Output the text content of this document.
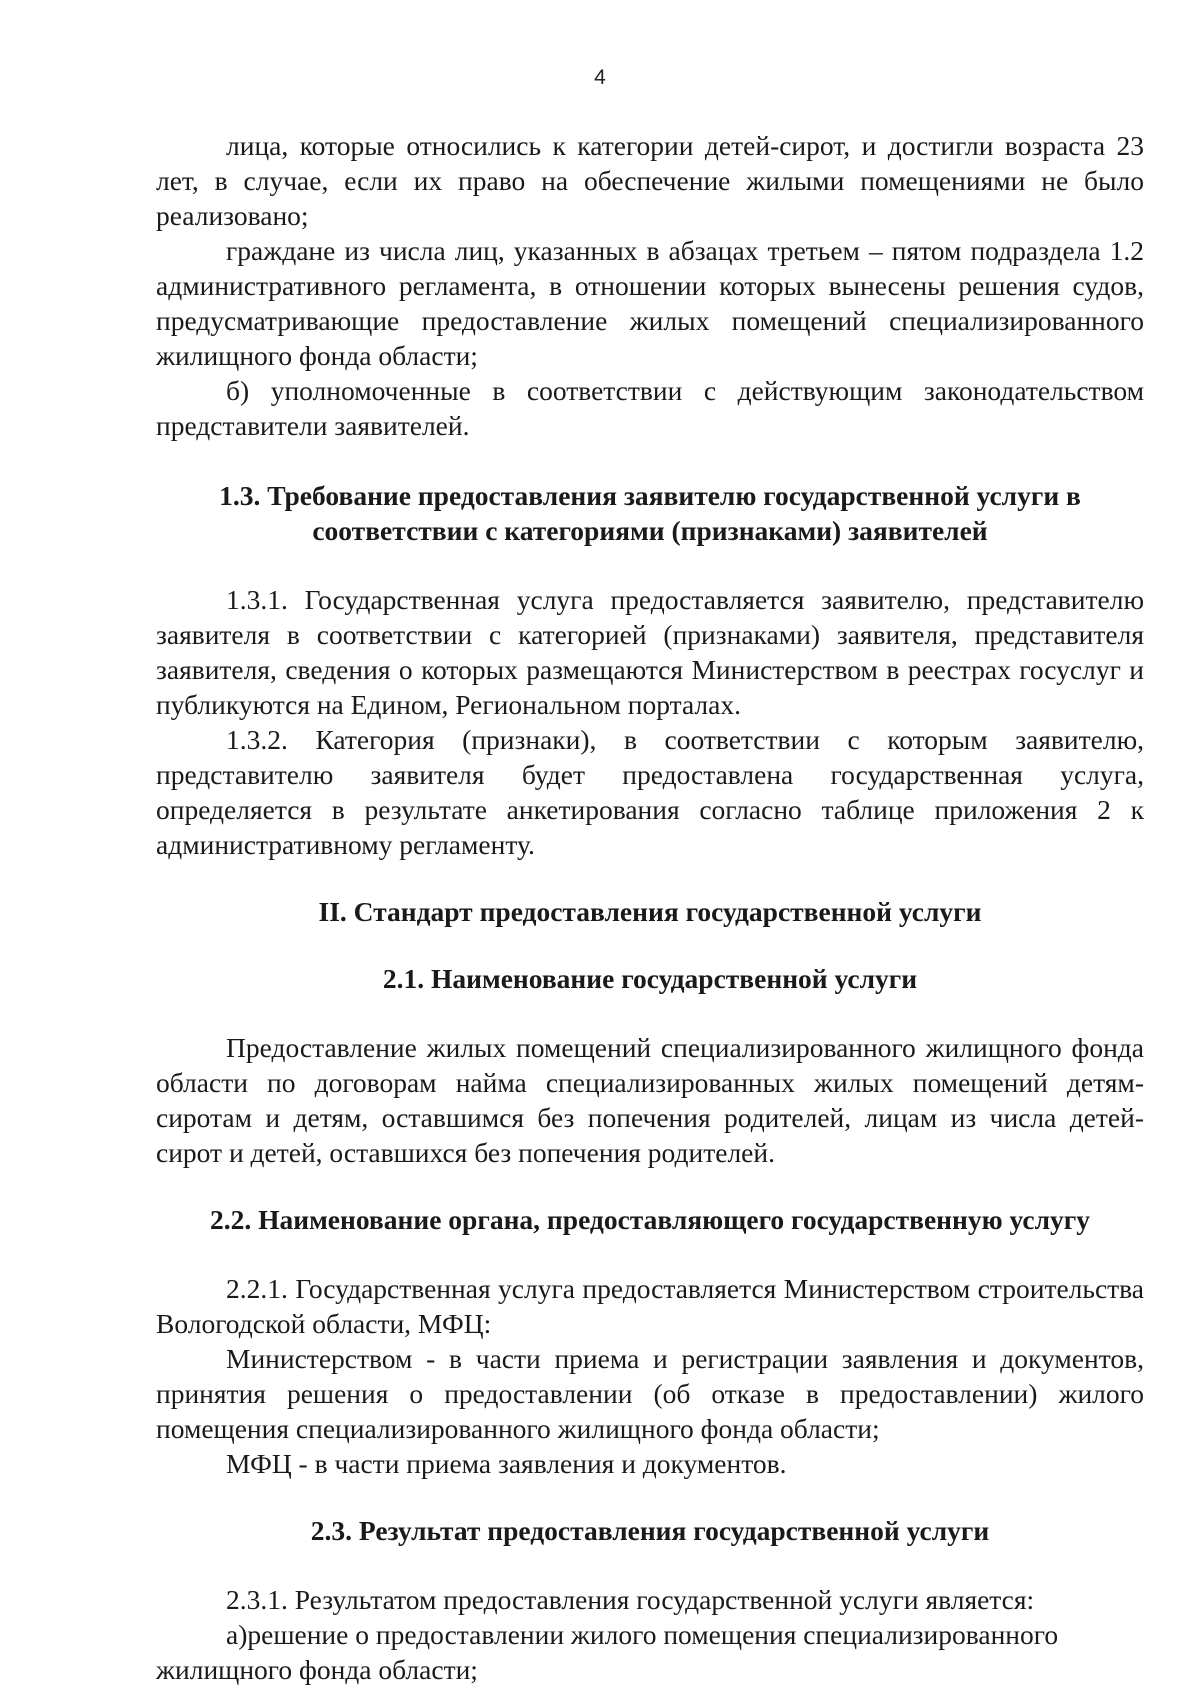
4

лица, которые относились к категории детей-сирот, и достигли возраста 23 лет, в случае, если их право на обеспечение жилыми помещениями не было реализовано;

граждане из числа лиц, указанных в абзацах третьем – пятом подраздела 1.2 административного регламента, в отношении которых вынесены решения судов, предусматривающие предоставление жилых помещений специализированного жилищного фонда области;

б) уполномоченные в соответствии с действующим законодательством представители заявителей.

1.3. Требование предоставления заявителю государственной услуги в соответствии с категориями (признаками) заявителей

1.3.1. Государственная услуга предоставляется заявителю, представителю заявителя в соответствии с категорией (признаками) заявителя, представителя заявителя, сведения о которых размещаются Министерством в реестрах госуслуг и публикуются на Едином, Региональном порталах.

1.3.2. Категория (признаки), в соответствии с которым заявителю, представителю заявителя будет предоставлена государственная услуга, определяется в результате анкетирования согласно таблице приложения 2 к административному регламенту.

II. Стандарт предоставления государственной услуги
2.1. Наименование государственной услуги

Предоставление жилых помещений специализированного жилищного фонда области по договорам найма специализированных жилых помещений детям-сиротам и детям, оставшимся без попечения родителей, лицам из числа детей-сирот и детей, оставшихся без попечения родителей.

2.2. Наименование органа, предоставляющего государственную услугу

2.2.1. Государственная услуга предоставляется Министерством строительства Вологодской области, МФЦ:

Министерством - в части приема и регистрации заявления и документов, принятия решения о предоставлении (об отказе в предоставлении) жилого помещения специализированного жилищного фонда области;

МФЦ - в части приема заявления и документов.

2.3. Результат предоставления государственной услуги

2.3.1. Результатом предоставления государственной услуги является:

а)решение о предоставлении жилого помещения специализированного

жилищного фонда области;
